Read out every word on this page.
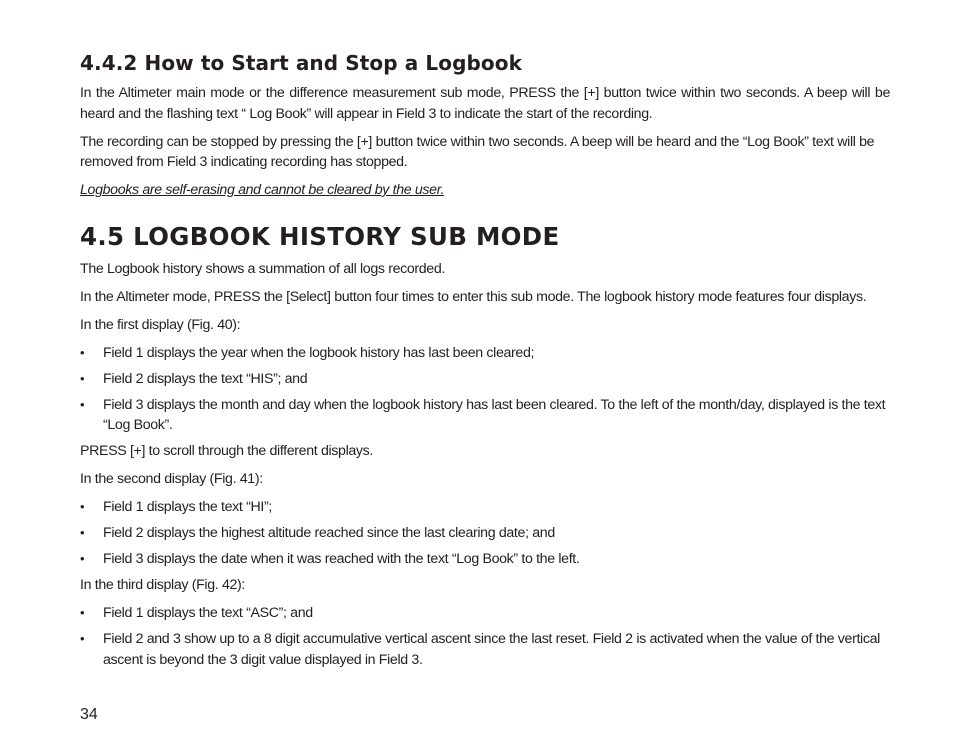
4.4.2 How to Start and Stop a Logbook

In the Altimeter main mode or the difference measurement sub mode, PRESS the [+] button twice within two seconds. A beep will be heard and the flashing text “ Log Book” will appear in Field 3 to indicate the start of the recording.

The recording can be stopped by pressing the [+] button twice within two seconds. A beep will be heard and the “Log Book” text will be removed from Field 3 indicating recording has stopped.

Logbooks are self-erasing and cannot be cleared by the user.

4.5 LOGBOOK HISTORY SUB MODE

The Logbook history shows a summation of all logs recorded.

In the Altimeter mode, PRESS the [Select] button four times to enter this sub mode. The logbook history mode features four displays.

In the first display (Fig. 40):

• Field 1 displays the year when the logbook history has last been cleared;
• Field 2 displays the text “HIS”; and
• Field 3 displays the month and day when the logbook history has last been cleared. To the left of the month/day, displayed is the text “Log Book”.

PRESS [+] to scroll through the different displays.

In the second display (Fig. 41):

• Field 1 displays the text “HI”;
• Field 2 displays the highest altitude reached since the last clearing date; and
• Field 3 displays the date when it was reached with the text “Log Book” to the left.

In the third display (Fig. 42):

• Field 1 displays the text “ASC”; and
• Field 2 and 3 show up to a 8 digit accumulative vertical ascent since the last reset. Field 2 is activated when the value of the vertical ascent is beyond the 3 digit value displayed in Field 3.
34
